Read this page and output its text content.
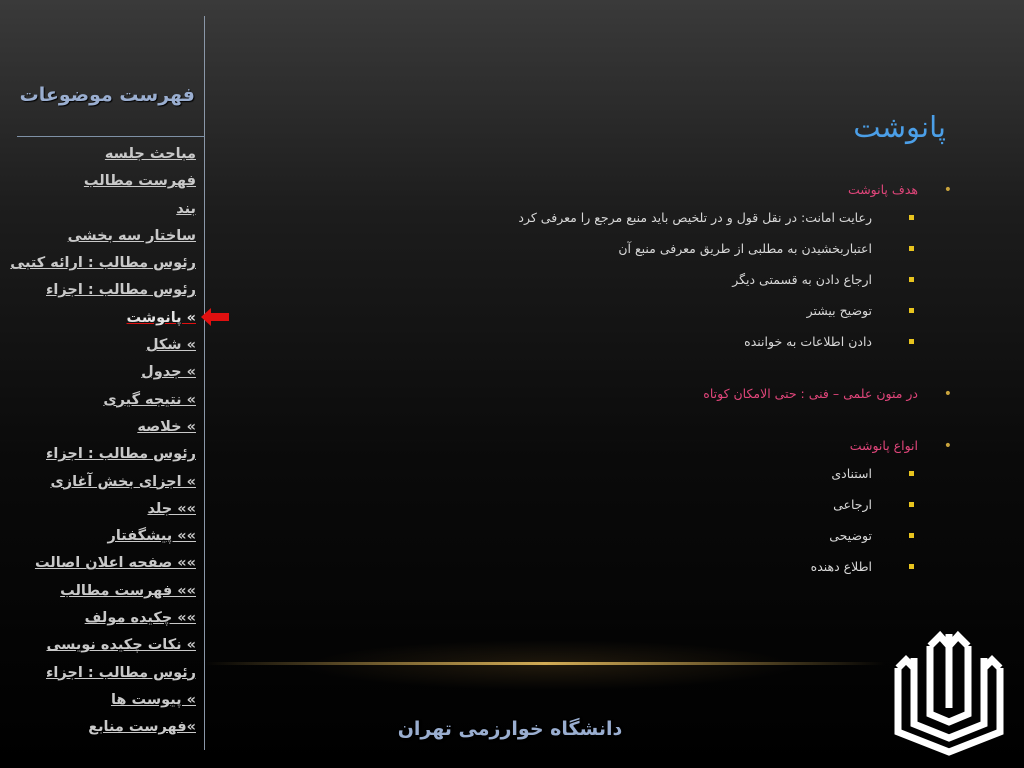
فهرست موضوعات
مباحث جلسه
فهرست مطالب
بند
ساختار سه بخشی
رئوس مطالب : ارائه کتبی
رئوس مطالب : اجزاء
» پانوشت
» شکل
» جدول
» نتیجه گیری
» خلاصه
رئوس مطالب : اجزاء
» اجزای بخش آغازی
»» جلد
»» پیشگفتار
»» صفحه اعلان اصالت
»» فهرست مطالب
»» چکیده مولف
» نکات چکیده نویسی
رئوس مطالب : اجزاء
» پیوست ها
»فهرست منابع
پانوشت
• هدف پانوشت
رعایت امانت: در نقل قول و در تلخیص باید منبع مرجع را معرفی کرد
اعتباربخشیدن به مطلبی از طریق معرفی منبع آن
ارجاع دادن به قسمتی دیگر
توضیح بیشتر
دادن اطلاعات به خواننده
• در متون علمی – فنی : حتی الامکان کوتاه
• انواع پانوشت
استنادی
ارجاعی
توضیحی
اطلاع دهنده
دانشگاه خوارزمی تهران
